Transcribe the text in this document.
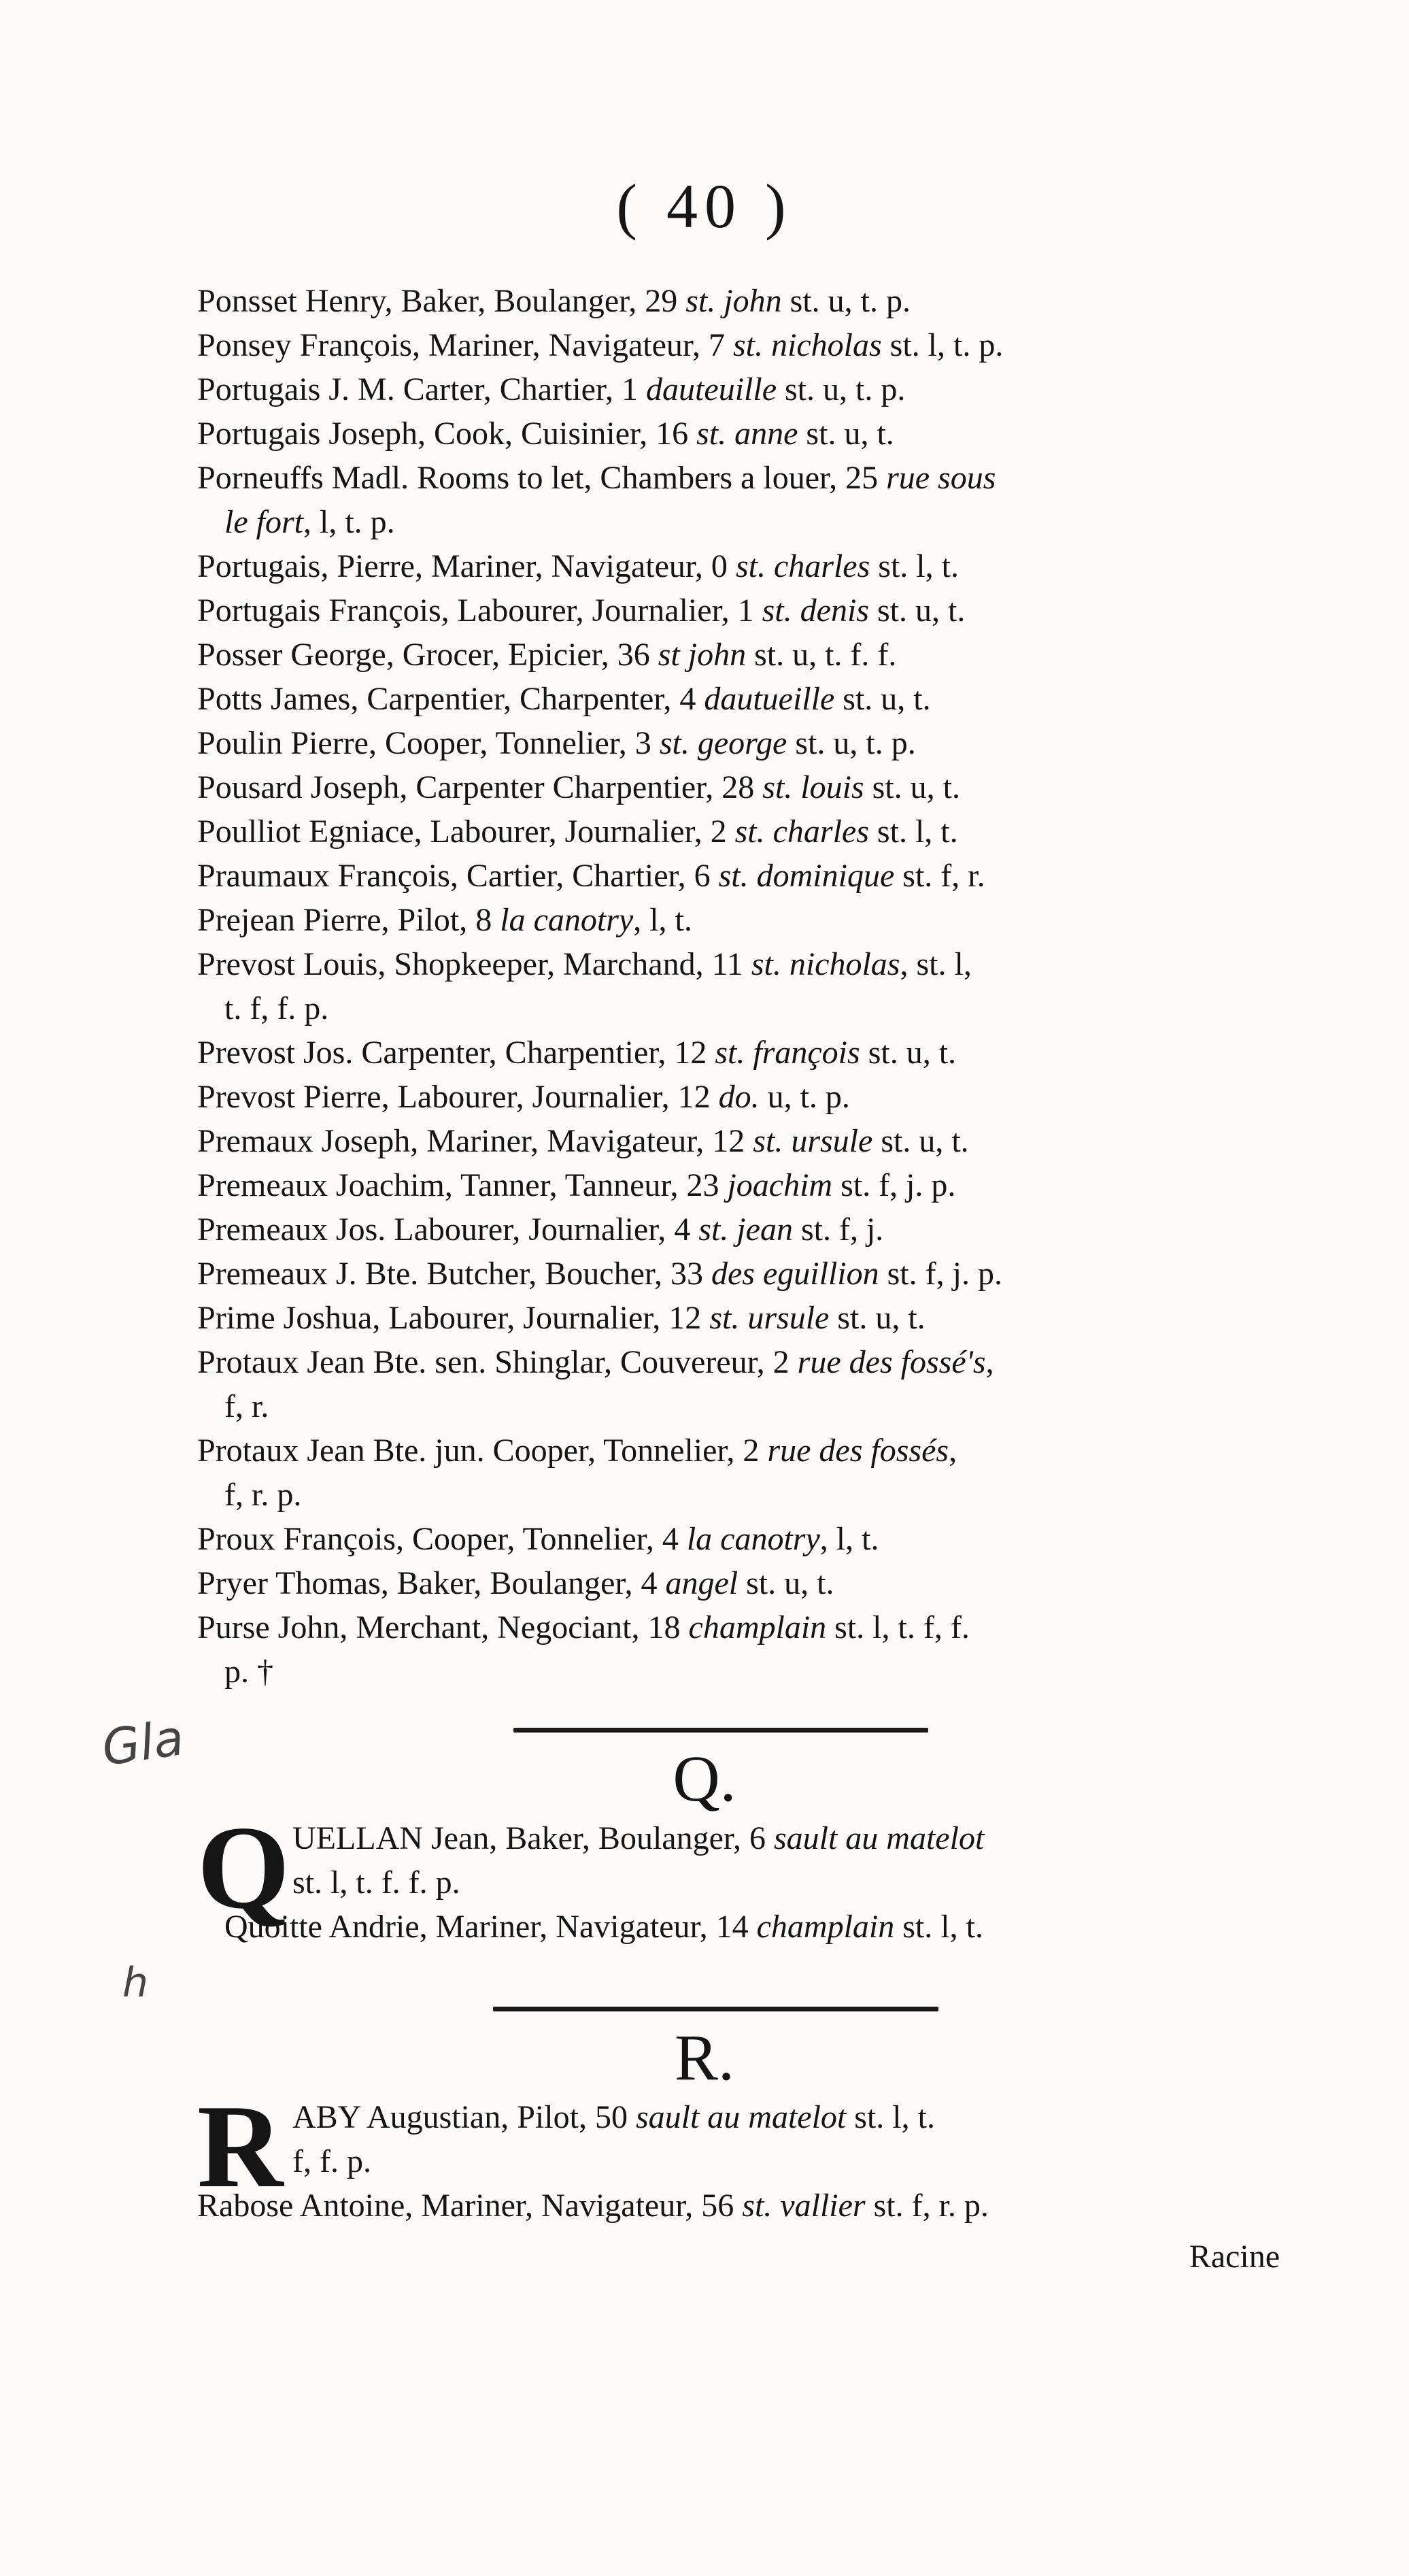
( 40 )
Ponsset Henry, Baker, Boulanger, 29 st. john st. u, t. p.
Ponsey François, Mariner, Navigateur, 7 st. nicholas st. l, t. p.
Portugais J. M. Carter, Chartier, 1 dauteuille st. u, t. p.
Portugais Joseph, Cook, Cuisinier, 16 st. anne st. u, t.
Porneuffs Madl. Rooms to let, Chambers a louer, 25 rue sous
le fort, l, t. p.
Portugais, Pierre, Mariner, Navigateur, 0 st. charles st. l, t.
Portugais François, Labourer, Journalier, 1 st. denis st. u, t.
Posser George, Grocer, Epicier, 36 st john st. u, t. f. f.
Potts James, Carpentier, Charpenter, 4 dautueille st. u, t.
Poulin Pierre, Cooper, Tonnelier, 3 st. george st. u, t. p.
Pousard Joseph, Carpenter Charpentier, 28 st. louis st. u, t.
Poulliot Egniace, Labourer, Journalier, 2 st. charles st. l, t.
Praumaux François, Cartier, Chartier, 6 st. dominique st. f, r.
Prejean Pierre, Pilot, 8 la canotry, l, t.
Prevost Louis, Shopkeeper, Marchand, 11 st. nicholas, st. l,
t. f, f. p.
Prevost Jos. Carpenter, Charpentier, 12 st. françois st. u, t.
Prevost Pierre, Labourer, Journalier, 12 do. u, t. p.
Premaux Joseph, Mariner, Mavigateur, 12 st. ursule st. u, t.
Premeaux Joachim, Tanner, Tanneur, 23 joachim st. f, j. p.
Premeaux Jos. Labourer, Journalier, 4 st. jean st. f, j.
Premeaux J. Bte. Butcher, Boucher, 33 des eguillion st. f, j. p.
Prime Joshua, Labourer, Journalier, 12 st. ursule st. u, t.
Protaux Jean Bte. sen. Shinglar, Couvereur, 2 rue des fossé's,
f, r.
Protaux Jean Bte. jun. Cooper, Tonnelier, 2 rue des fossés,
f, r. p.
Proux François, Cooper, Tonnelier, 4 la canotry, l, t.
Pryer Thomas, Baker, Boulanger, 4 angel st. u, t.
Purse John, Merchant, Negociant, 18 champlain st. l, t. f, f.
p. †
Q.
Q UELLAN Jean, Baker, Boulanger, 6 sault au matelot
st. l, t. f. f. p.
Quoitte Andrie, Mariner, Navigateur, 14 champlain st. l, t.
R.
R ABY Augustian, Pilot, 50 sault au matelot st. l, t.
f, f. p.
Rabose Antoine, Mariner, Navigateur, 56 st. vallier st. f, r. p.
Racine
Gla
h
